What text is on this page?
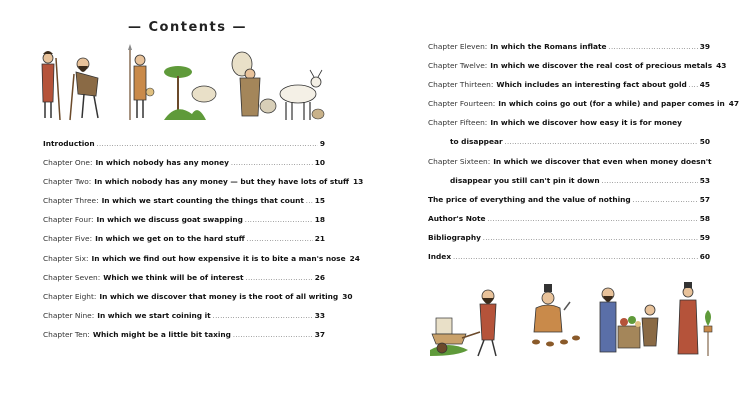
— Contents —
Introduction .....	9
Chapter One: In which nobody has any money .....	10
Chapter Two: In which nobody has any money — but they have lots of stuff 13
Chapter Three: In which we start counting the things that count ..... 15
Chapter Four: In which we discuss goat swapping .....	18
Chapter Five: In which we get on to the hard stuff .....	21
Chapter Six: In which we find out how expensive it is to bite a man's nose 24
Chapter Seven: Which we think will be of interest .....	26
Chapter Eight: In which we discover that money is the root of all writing 30
Chapter Nine: In which we start coining it .....	33
Chapter Ten: Which might be a little bit taxing .....	37
Chapter Eleven: In which the Romans inflate .....	39
Chapter Twelve: In which we discover the real cost of precious metals 43
Chapter Thirteen: Which includes an interesting fact about gold ..... 45
Chapter Fourteen: In which coins go out (for a while) and paper comes in 47
Chapter Fifteen: In which we discover how easy it is for money
to disappear .....	50
Chapter Sixteen: In which we discover that even when money doesn't
disappear you still can't pin it down .....	53
The price of everything and the value of nothing .....	57
Author's Note .....	58
Bibliography .....	59
Index .....	60
